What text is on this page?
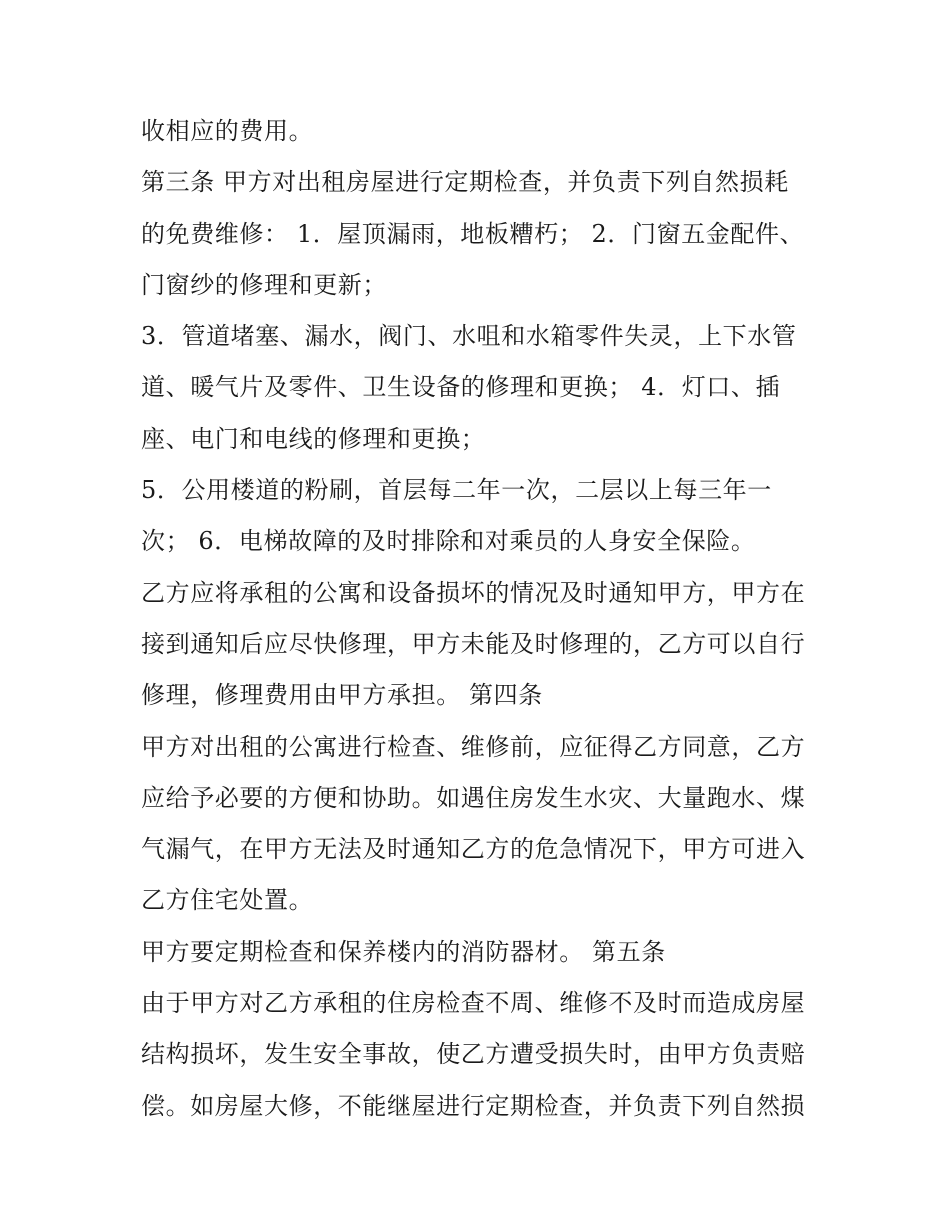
收相应的费用。
第三条 甲方对出租房屋进行定期检查，并负责下列自然损耗
的免费维修： 1．屋顶漏雨，地板糟朽； 2．门窗五金配件、
门窗纱的修理和更新；
3．管道堵塞、漏水，阀门、水咀和水箱零件失灵，上下水管
道、暖气片及零件、卫生设备的修理和更换； 4．灯口、插
座、电门和电线的修理和更换；
5．公用楼道的粉刷，首层每二年一次，二层以上每三年一
次； 6．电梯故障的及时排除和对乘员的人身安全保险。
乙方应将承租的公寓和设备损坏的情况及时通知甲方，甲方在
接到通知后应尽快修理，甲方未能及时修理的，乙方可以自行
修理，修理费用由甲方承担。 第四条
甲方对出租的公寓进行检查、维修前，应征得乙方同意，乙方
应给予必要的方便和协助。如遇住房发生水灾、大量跑水、煤
气漏气，在甲方无法及时通知乙方的危急情况下，甲方可进入
乙方住宅处置。
甲方要定期检查和保养楼内的消防器材。 第五条
由于甲方对乙方承租的住房检查不周、维修不及时而造成房屋
结构损坏，发生安全事故，使乙方遭受损失时，由甲方负责赔
偿。如房屋大修，不能继屋进行定期检查，并负责下列自然损
